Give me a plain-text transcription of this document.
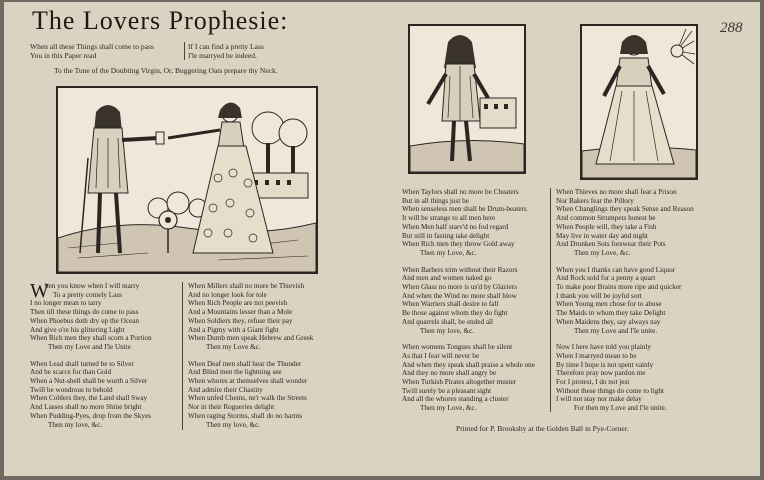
The Lovers Prophesie:	288
When all these Things shall come to pass
You in this Paper read
If I can find a pretty Lass
I'le marryed be indeed.
To the Tune of the Doubting Virgin, Or, Buggering Oats prepare thy Neck.
W
hen you know when I will marry
To a pretty comely Lass
I no longer mean to tarry
Then till these things do come to pass
When Phoebus doth dry up the Ocean
And give o're his glittering Light
When Rich men they shall scorn a Portion
Then my Love and I'le Unite
When Lead shall turned be to Silver
And be scarce for than Gold
When a Nut-shell shall be worth a Silver
Twill be wondrous to behold
When Coblers they, the Land shall Sway
And Lasses shall no more Shine bright
When Pudding-Pyes, drop from the Skyes
Then my love, &c.
When Millers shall no more be Thievish
And no longer look for tole
When Rich People are not peevish
And a Mountains lesser than a Mole
When Soldiers they, refuse their pay
And a Pigmy with a Giant fight
When Dumb men speak Hebrew and Greek
Then my Love &c.
When Deaf men shall hear the Thunder
And Blind men the lightning see
When whores at themselves shall wonder
And admire their Chastity
When unfed Chems, ne'r walk the Streets
Nor in their Rogueries delight
When raging Storms, shall do no harms
Then my love, &c.
When Taylors shall no more be Cheaters
But in all things just be
When senseless men shall be Drum-beaters
It will be strange to all men here
When Men half starv'd no fod regard
But still in fasting take delight
When Rich men they throw Gold away
Then my Love, &c.
When Barbers trim without their Razors
And men and women naked go
When Glass no more is us'd by Glaziers
And when the Wind no more shall blow
When Warriers shall desire to fall
Be those against whom they do fight
And quarrels shall, be ended all
Then my love, &c.
When womens Tongues shall be silent
As that I fear will never be
And when they speak shall praise a whole one
And they no more shall angry be
When Turkish Pirates altogether muster
Twill surely be a pleasant sight
And all the whores standing a cluster
Then my Love, &c.
When Thieves no more shall fear a Prison
Nor Bakers fear the Pillory
When Changlings they speak Sense and Reason
And common Strumpets honest be
When People will, they take a Fish
May live in water day and night
And Drunken Sots forswear their Pots
Then my Love, &c.
When you I thanks can have good Liquor
And Rock sold for a penny a quart
To make poor Brains more ripe and quicker
I thank you will be joyful sort
When Young men chose for to abuse
The Maids in whom they take Delight
When Maidens they, say always nay
Then my Love and I'le unite.
Now I here have told you plainly
When I marryed mean to be
By time I hope is not spent vainly
Therefore pray now pardon me
For I protest, I do not jest
Without these things do come to light
I will not stay nor make delay
For then my Love and I'le unite.
Printed for P. Brooksby at the Golden Ball in Pye-Corner.
